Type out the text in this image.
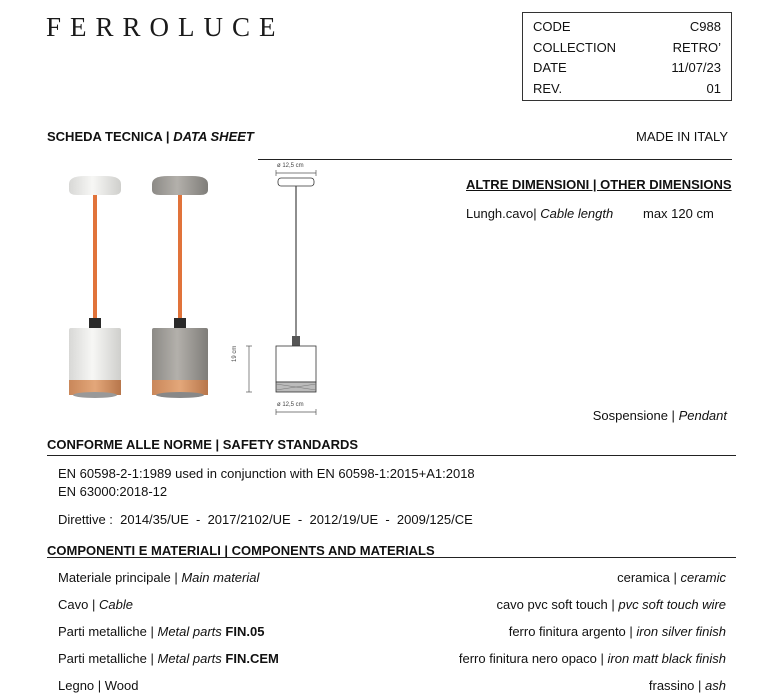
FERROLUCE	CODE	C988
COLLECTION	RETRO’
DATE	11/07/23
REV.	01
SCHEDA TECNICA | DATA SHEET	MADE IN ITALY
ø 12,5 cm
19 cm
ø 12,5 cm
ALTRE DIMENSIONI | OTHER DIMENSIONS
Lungh.cavo| Cable length max 120 cm
Sospensione | Pendant
CONFORME ALLE NORME | SAFETY STANDARDS
EN 60598-2-1:1989 used in conjunction with EN 60598-1:2015+A1:2018
EN 63000:2018-12
Direttive :  2014/35/UE  -  2017/2102/UE  -  2012/19/UE  -  2009/125/CE
COMPONENTI E MATERIALI | COMPONENTS AND MATERIALS
Materiale principale | Main material	ceramica | ceramic
Cavo | Cable	cavo pvc soft touch | pvc soft touch wire
Parti metalliche | Metal parts FIN.05	ferro finitura argento | iron silver finish
Parti metalliche | Metal parts FIN.CEM	ferro finitura nero opaco | iron matt black finish
Legno | Wood	frassino | ash
